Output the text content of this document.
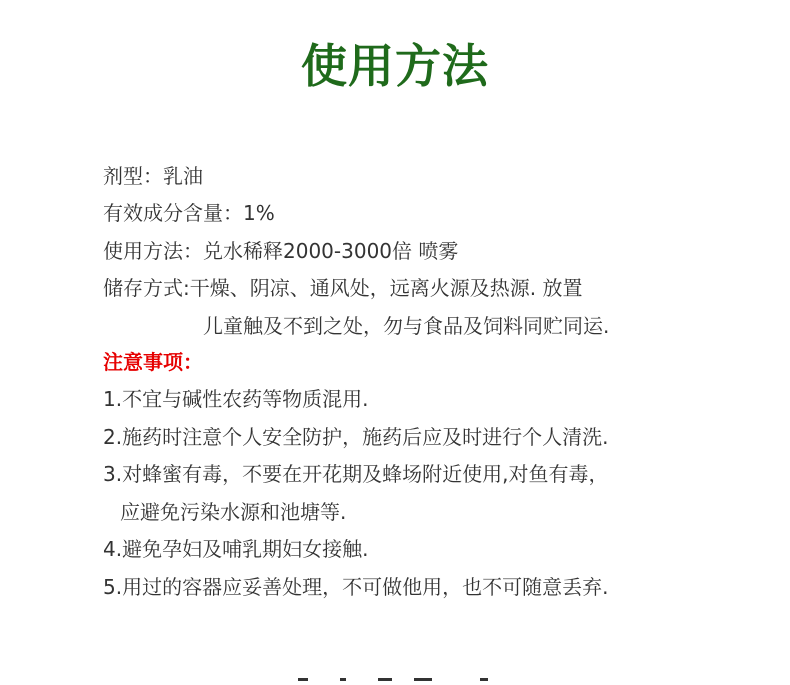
使用方法
剂型：乳油
有效成分含量：1%
使用方法：兑水稀释2000-3000倍 喷雾
储存方式:干燥、阴凉、通风处，远离火源及热源. 放置
儿童触及不到之处，勿与食品及饲料同贮同运.
注意事项：
1.不宜与碱性农药等物质混用.
2.施药时注意个人安全防护，施药后应及时进行个人清洗.
3.对蜂蜜有毒，不要在开花期及蜂场附近使用,对鱼有毒，
应避免污染水源和池塘等.
4.避免孕妇及哺乳期妇女接触.
5.用过的容器应妥善处理，不可做他用，也不可随意丢弃.
